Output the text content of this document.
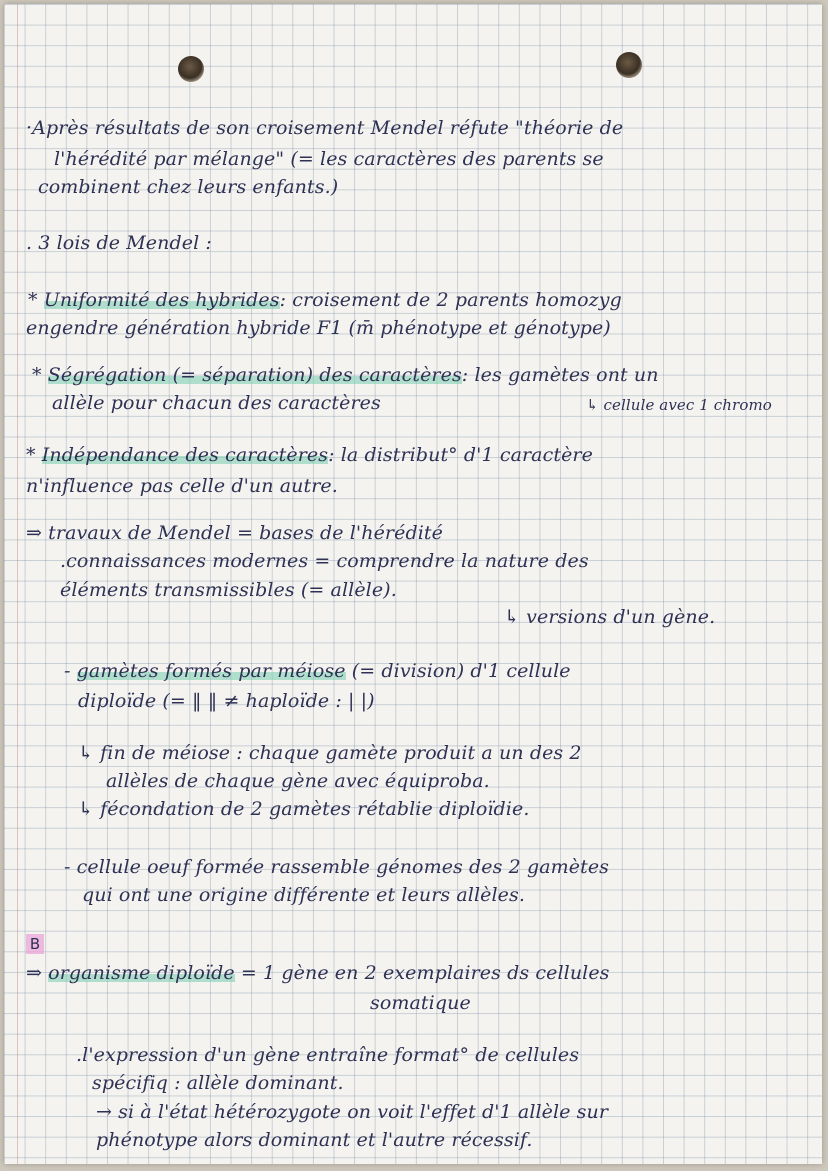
·Après résultats de son croisement Mendel réfute "théorie de
l'hérédité par mélange" (= les caractères des parents se
combinent chez leurs enfants.)
. 3 lois de Mendel :
* Uniformité des hybrides: croisement de 2 parents homozyg
engendre génération hybride F1 (m̄ phénotype et génotype)
* Ségrégation (= séparation) des caractères: les gamètes ont un
allèle pour chacun des caractères	↳ cellule avec 1 chromo
* Indépendance des caractères: la distribut° d'1 caractère
n'influence pas celle d'un autre.
⇒ travaux de Mendel = bases de l'hérédité
.connaissances modernes = comprendre la nature des
éléments transmissibles (= allèle).
↳ versions d'un gène.
- gamètes formés par méiose (= division) d'1 cellule
diploïde (= ‖ ‖ ≠ haploïde : | |)
↳ fin de méiose : chaque gamète produit a un des 2
allèles de chaque gène avec équiproba.
↳ fécondation de 2 gamètes rétablie diploïdie.
- cellule oeuf formée rassemble génomes des 2 gamètes
qui ont une origine différente et leurs allèles.
B
⇒ organisme diploïde = 1 gène en 2 exemplaires ds cellules
somatique
.l'expression d'un gène entraîne format° de cellules
spécifiq : allèle dominant.
→ si à l'état hétérozygote on voit l'effet d'1 allèle sur
phénotype alors dominant et l'autre récessif.
